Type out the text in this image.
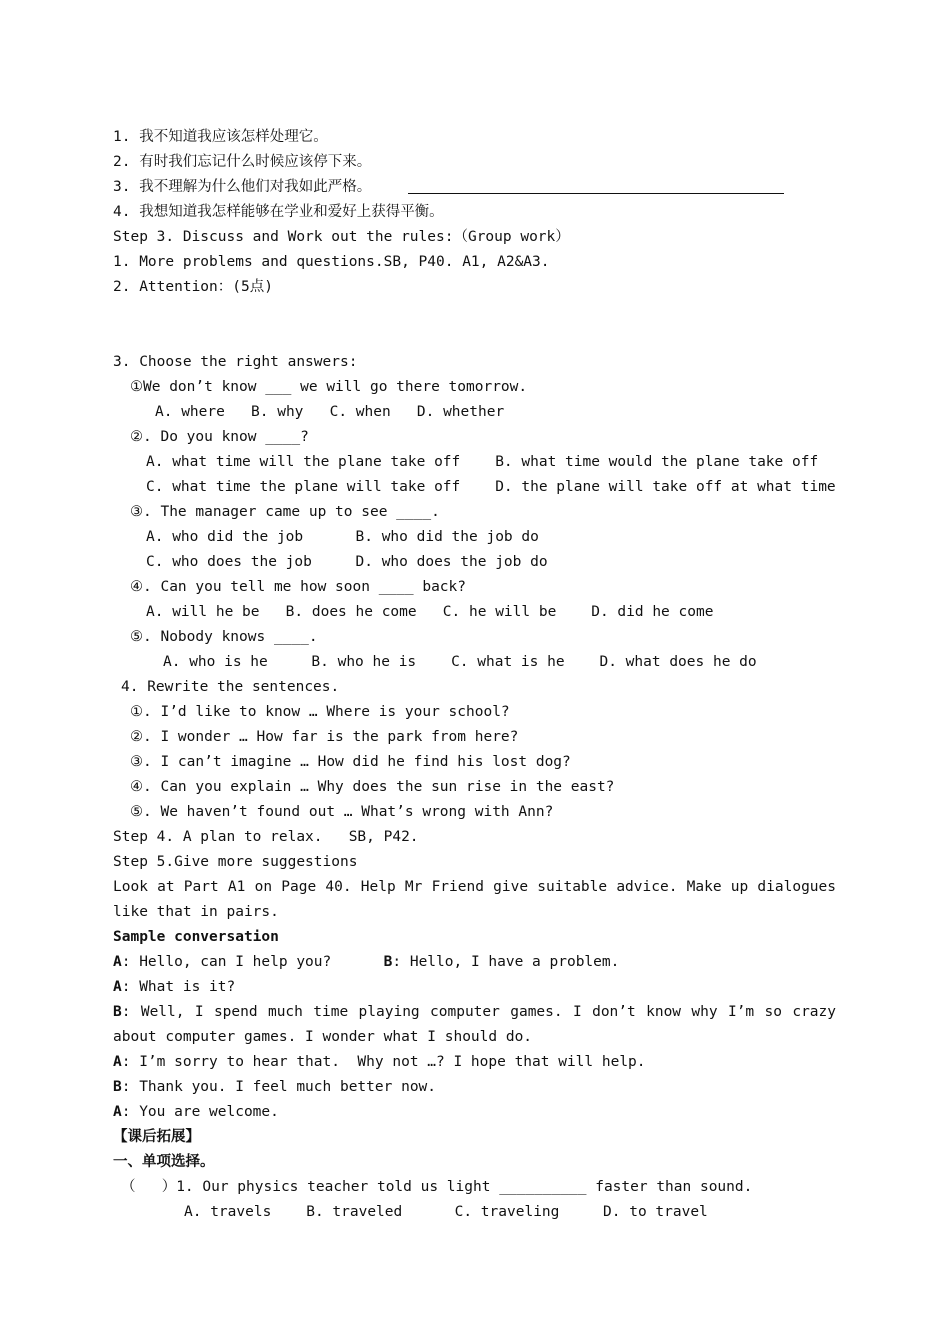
1. 我不知道我应该怎样处理它。
2. 有时我们忘记什么时候应该停下来。
3. 我不理解为什么他们对我如此严格。
4. 我想知道我怎样能够在学业和爱好上获得平衡。
Step 3. Discuss and Work out the rules:（Group work）
1. More problems and questions.SB, P40. A1, A2&A3.
2. Attention：(5点)
3. Choose the right answers:
①We don’t know ___ we will go there tomorrow.
A. where   B. why   C. when   D. whether
②. Do you know ____?
A. what time will the plane take off    B. what time would the plane take off
C. what time the plane will take off    D. the plane will take off at what time
③. The manager came up to see ____.
A. who did the job      B. who did the job do
C. who does the job     D. who does the job do
④. Can you tell me how soon ____ back?
A. will he be   B. does he come   C. he will be    D. did he come
⑤. Nobody knows ____.
A. who is he     B. who he is    C. what is he    D. what does he do
4. Rewrite the sentences.
①. I’d like to know … Where is your school?
②. I wonder … How far is the park from here?
③. I can’t imagine … How did he find his lost dog?
④. Can you explain … Why does the sun rise in the east?
⑤. We haven’t found out … What’s wrong with Ann?
Step 4. A plan to relax.   SB, P42.
Step 5.Give more suggestions
Look at Part A1 on Page 40. Help Mr Friend give suitable advice. Make up dialogues
like that in pairs.
Sample conversation
A: Hello, can I help you?      B: Hello, I have a problem.
A: What is it?
B: Well, I spend much time playing computer games. I don’t know why I’m so crazy
about computer games. I wonder what I should do.
A: I’m sorry to hear that.  Why not …? I hope that will help.
B: Thank you. I feel much better now.
A: You are welcome.
【课后拓展】
一、单项选择。
（   ）1. Our physics teacher told us light __________ faster than sound.
A. travels    B. traveled      C. traveling     D. to travel
